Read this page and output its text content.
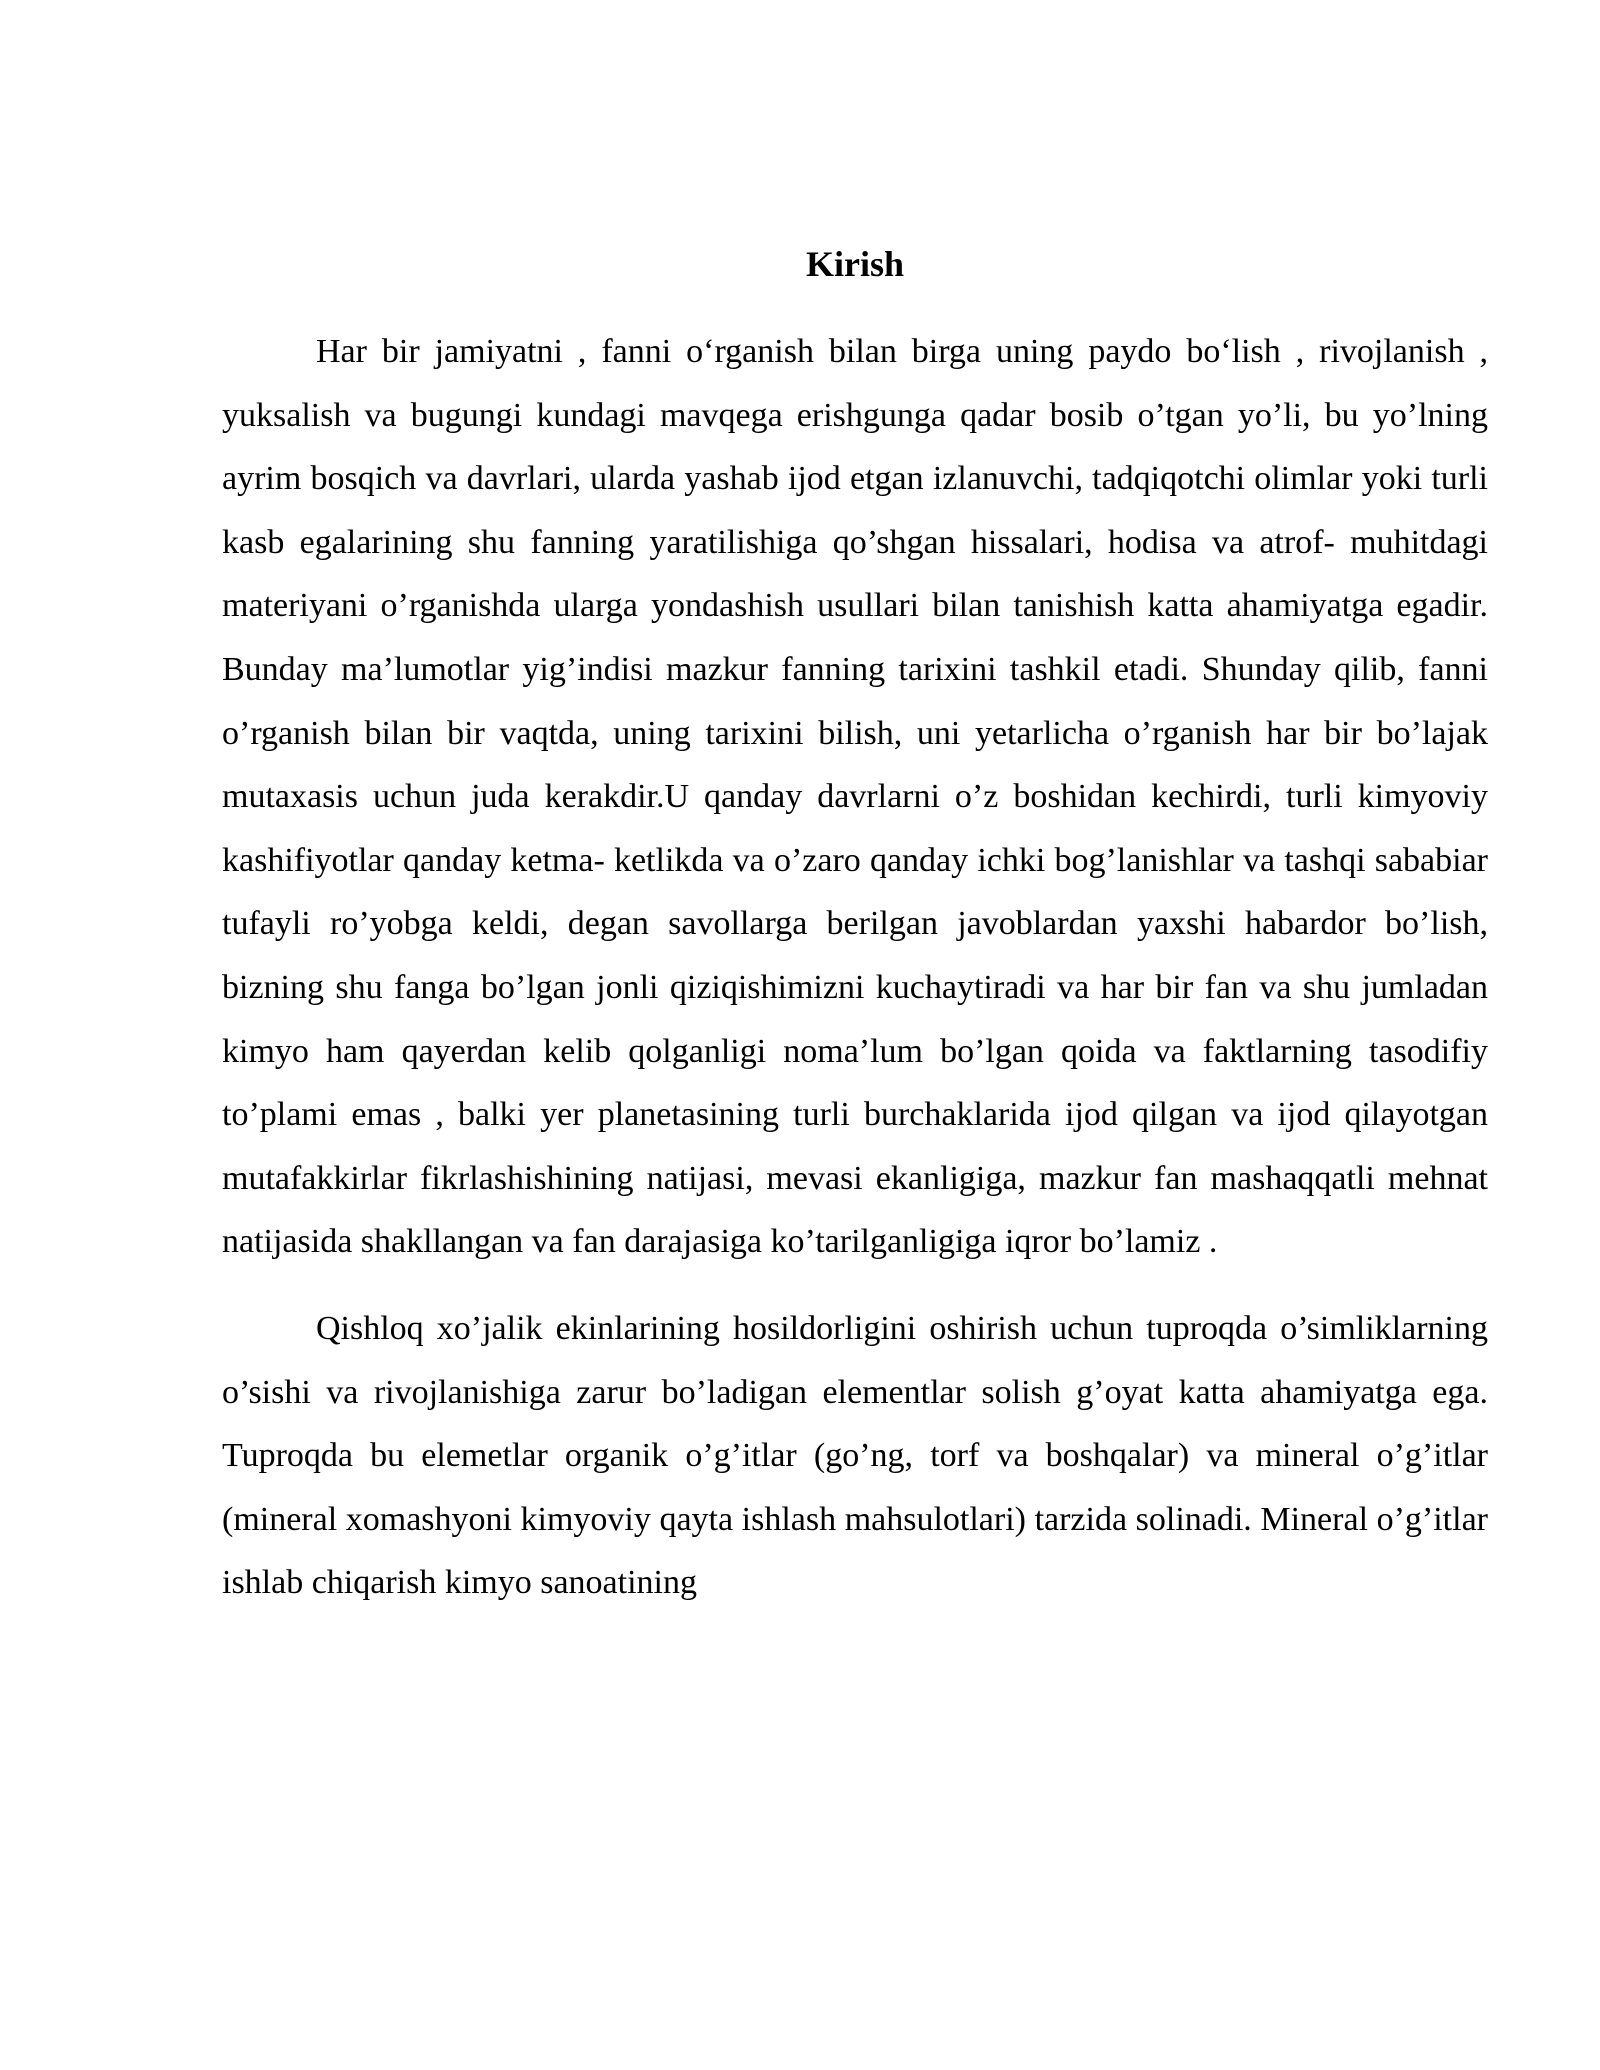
Kirish

Har bir jamiyatni , fanni o‘rganish bilan birga uning paydo bo‘lish , rivojlanish , yuksalish va bugungi kundagi mavqega erishgunga qadar bosib o’tgan yo’li, bu yo’lning ayrim bosqich va davrlari, ularda yashab ijod etgan izlanuvchi, tadqiqotchi olimlar yoki turli kasb egalarining shu fanning yaratilishiga qo’shgan hissalari, hodisa va atrof- muhitdagi materiyani o’rganishda ularga yondashish usullari bilan tanishish katta ahamiyatga egadir. Bunday ma’lumotlar yig’indisi mazkur fanning tarixini tashkil etadi. Shunday qilib, fanni o’rganish bilan bir vaqtda, uning tarixini bilish, uni yetarlicha o’rganish har bir bo’lajak mutaxasis uchun juda kerakdir.U qanday davrlarni o’z boshidan kechirdi, turli kimyoviy kashifiyotlar qanday ketma- ketlikda va o’zaro qanday ichki bog’lanishlar va tashqi sababiar tufayli ro’yobga keldi, degan savollarga berilgan javoblardan yaxshi habardor bo’lish, bizning shu fanga bo’lgan jonli qiziqishimizni kuchaytiradi va har bir fan va shu jumladan kimyo ham qayerdan kelib qolganligi noma’lum bo’lgan qoida va faktlarning tasodifiy to’plami emas , balki yer planetasining turli burchaklarida ijod qilgan va ijod qilayotgan mutafakkirlar fikrlashishining natijasi, mevasi ekanligiga, mazkur fan mashaqqatli mehnat natijasida shakllangan va fan darajasiga ko’tarilganligiga iqror bo’lamiz .

Qishloq xo’jalik ekinlarining hosildorligini oshirish uchun tuproqda o’simliklarning o’sishi va rivojlanishiga zarur bo’ladigan elementlar solish g’oyat katta ahamiyatga ega. Tuproqda bu elemetlar organik o’g’itlar (go’ng, torf va boshqalar) va mineral o’g’itlar (mineral xomashyoni kimyoviy qayta ishlash mahsulotlari) tarzida solinadi. Mineral o’g’itlar ishlab chiqarish kimyo sanoatining
